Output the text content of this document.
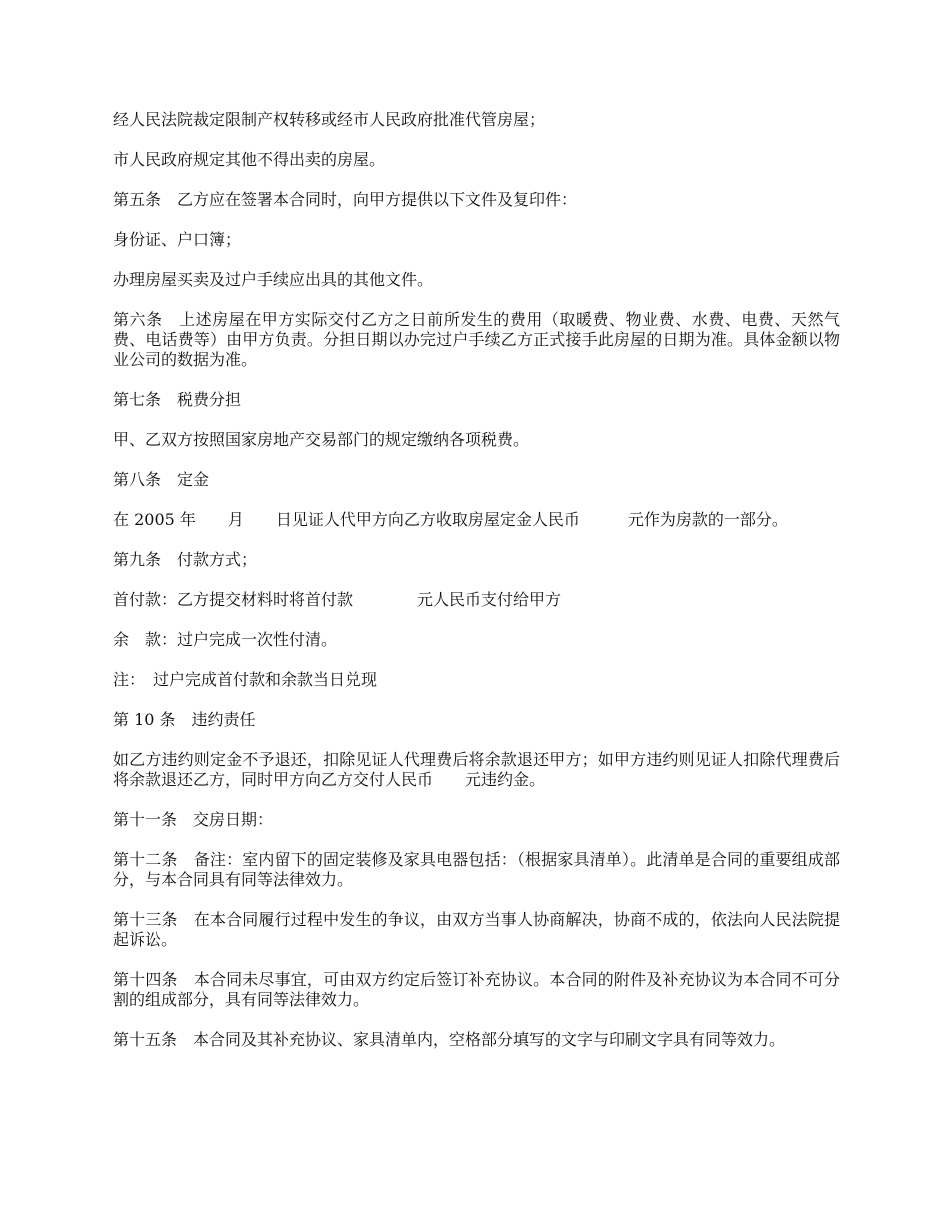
经人民法院裁定限制产权转移或经市人民政府批准代管房屋；

市人民政府规定其他不得出卖的房屋。

第五条　乙方应在签署本合同时，向甲方提供以下文件及复印件：

身份证、户口簿；

办理房屋买卖及过户手续应出具的其他文件。

第六条　上述房屋在甲方实际交付乙方之日前所发生的费用（取暖费、物业费、水费、电费、天然气费、电话费等）由甲方负责。分担日期以办完过户手续乙方正式接手此房屋的日期为准。具体金额以物业公司的数据为准。

第七条　税费分担

甲、乙双方按照国家房地产交易部门的规定缴纳各项税费。

第八条　定金

在 2005 年　　月　　日见证人代甲方向乙方收取房屋定金人民币　　　元作为房款的一部分。

第九条　付款方式；

首付款：乙方提交材料时将首付款　　　　元人民币支付给甲方

余　款：过户完成一次性付清。

注：　过户完成首付款和余款当日兑现

第 10 条　违约责任

如乙方违约则定金不予退还，扣除见证人代理费后将余款退还甲方；如甲方违约则见证人扣除代理费后将余款退还乙方，同时甲方向乙方交付人民币　　元违约金。

第十一条　交房日期：

第十二条　备注：室内留下的固定装修及家具电器包括：（根据家具清单）。此清单是合同的重要组成部分，与本合同具有同等法律效力。

第十三条　在本合同履行过程中发生的争议，由双方当事人协商解决，协商不成的，依法向人民法院提起诉讼。

第十四条　本合同未尽事宜，可由双方约定后签订补充协议。本合同的附件及补充协议为本合同不可分割的组成部分，具有同等法律效力。

第十五条　本合同及其补充协议、家具清单内，空格部分填写的文字与印刷文字具有同等效力。
